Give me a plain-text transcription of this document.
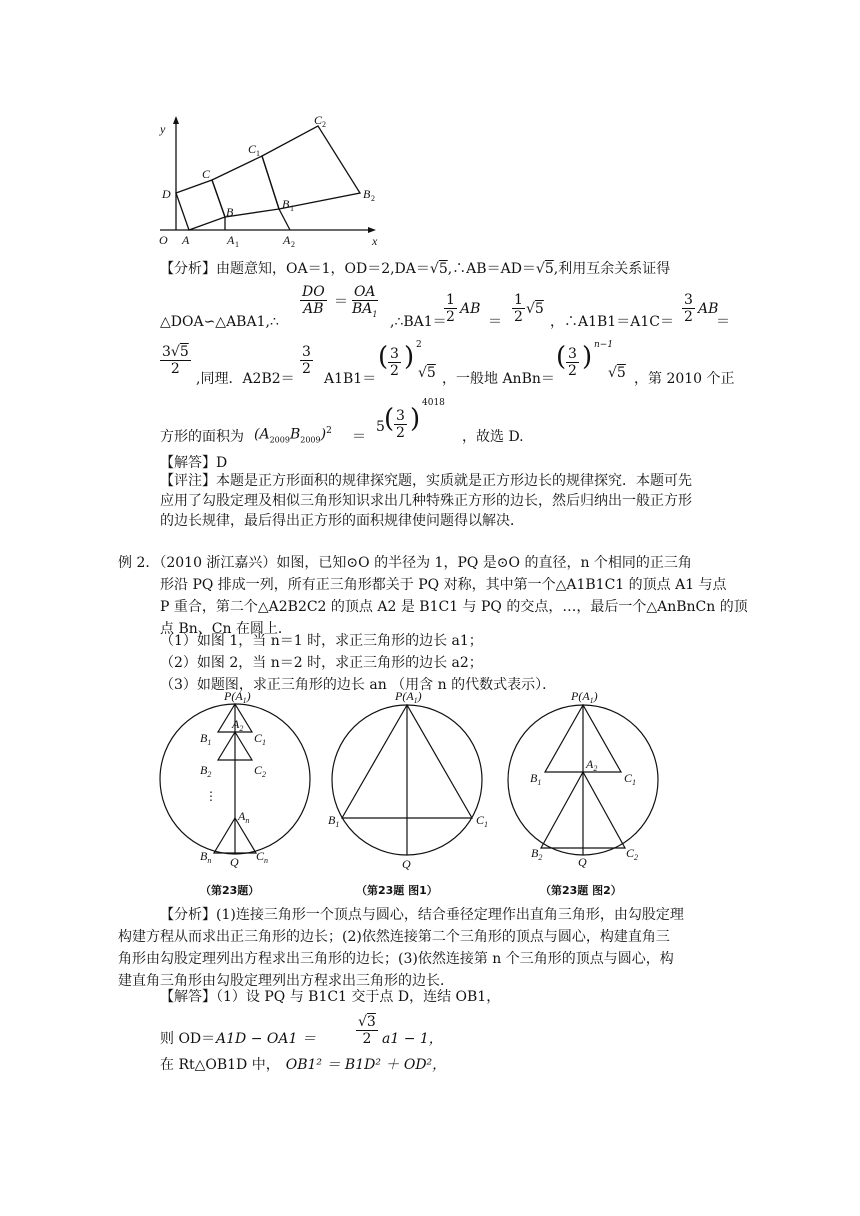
y
x
O
D
A	A 1	A 2
B
B 1
B 2
C
C 1
C 2
【分析】由题意知，OA＝1，OD＝2,DA＝√5,∴AB＝AD＝√5,利用互余关系证得
△DOA∽△ABA1,∴
$\frac{DO}{AB} = \frac{OA}{BA_1}$ ,∴BA1＝
$\frac{1}{2}$ AB
＝ $\frac{1}{2} √5$
，∴A1B1＝A1C＝ $\frac{3}{2}$ AB
＝
$\frac{3√5}{2}$
,同理．A2B2＝
$\frac{3}{2}$
A1B1＝
( $\frac{3}{2}$ ) 2
√5 ，一般地 AnBn＝
( $\frac{3}{2}$ ) n−1
√5 ，第 2010 个正
方形的面积为 $(A_{2009}B_{2009})^2$ ＝
5 ( $\frac{3}{2}$ )
4018
，故选 D.
【解答】D
【评注】本题是正方形面积的规律探究题，实质就是正方形边长的规律探究．本题可先
应用了勾股定理及相似三角形知识求出几种特殊正方形的边长，然后归纳出一般正方形
的边长规律，最后得出正方形的面积规律使问题得以解决．
例 2．（2010 浙江嘉兴）如图，已知⊙O 的半径为 1，PQ 是⊙O 的直径，n 个相同的正三角
形沿 PQ 排成一列，所有正三角形都关于 PQ 对称，其中第一个△A1B1C1 的顶点 A1 与点
P 重合，第二个△A2B2C2 的顶点 A2 是 B1C1 与 PQ 的交点，…，最后一个△AnBnCn 的顶
点 Bn、Cn 在圆上．
（1）如图 1，当 n＝1 时，求正三角形的边长 a1；
（2）如图 2，当 n＝2 时，求正三角形的边长 a2；
（3）如题图，求正三角形的边长 an （用含 n 的代数式表示）．
$P(A_1)$
$A_2$
$B_1$	$C_1$
$B_2$	$C_2$
⋮
$A_n$
$B_n$	$C_n$
Q
$P(A_1)$
$B_1$	$C_1$
Q
$P(A_1)$
$A_2$
$B_1$	$C_1$
$B_2$	$C_2$
Q
（第23题）	（第23题 图1）	（第23题 图2）
【分析】(1)连接三角形一个顶点与圆心，结合垂径定理作出直角三角形，由勾股定理
构建方程从而求出正三角形的边长；(2)依然连接第二个三角形的顶点与圆心，构建直角三
角形由勾股定理列出方程求出三角形的边长；(3)依然连接第 n 个三角形的顶点与圆心，构
建直角三角形由勾股定理列出方程求出三角形的边长．
【解答】（1）设 PQ 与 B1C1 交于点 D，连结 OB1，
则 OD＝ A1D − OA1 ＝	$\frac{√3}{2} a1 - 1$，
在 Rt△OB1D 中， OB1² ＝ B1D² ＋ OD²，
